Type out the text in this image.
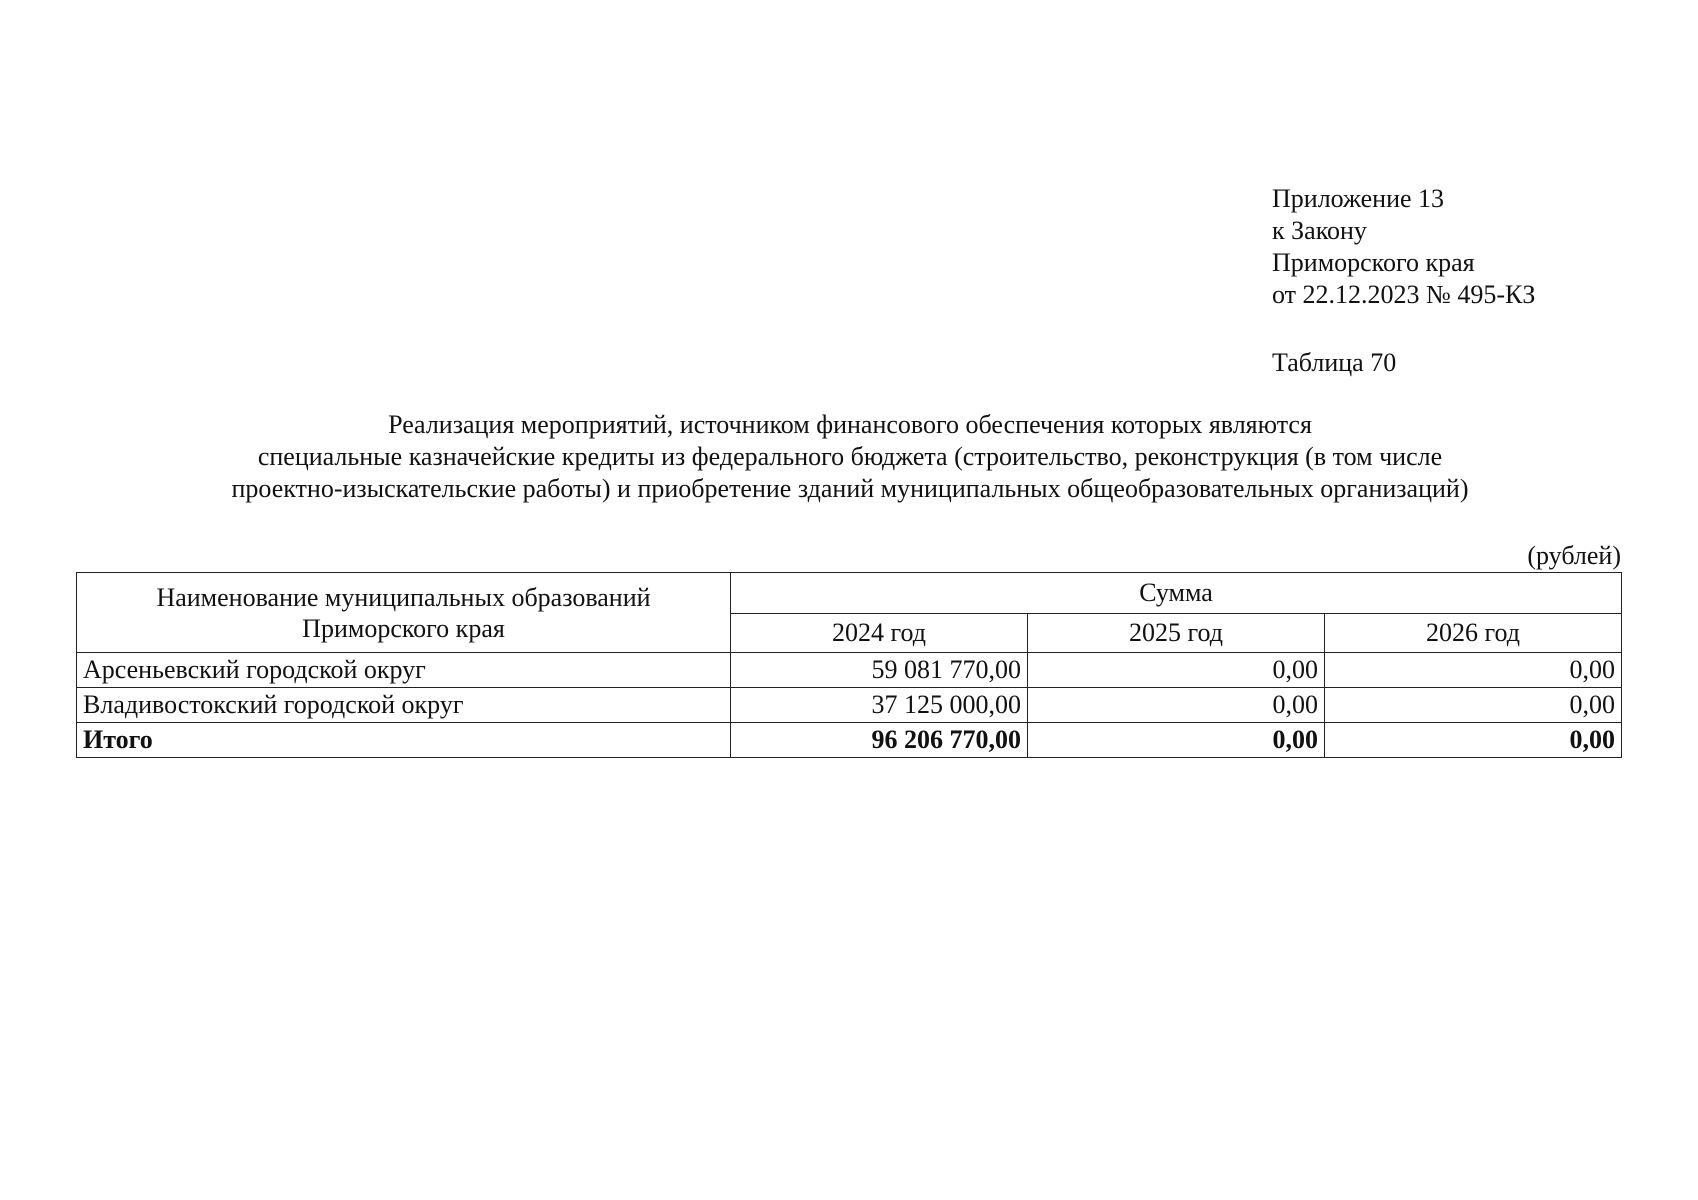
Приложение 13
к Закону
Приморского края
от 22.12.2023 № 495-КЗ
Таблица 70
Реализация мероприятий, источником финансового обеспечения которых являются
специальные казначейские кредиты из федерального бюджета (строительство, реконструкция (в том числе
проектно-изыскательские работы) и приобретение зданий муниципальных общеобразовательных организаций)
(рублей)
Наименование муниципальных образований
Приморского края	Сумма		
	2024 год	2025 год	2026 год
Арсеньевский городской округ	59 081 770,00	0,00	0,00
Владивостокский городской округ	37 125 000,00	0,00	0,00
Итого	96 206 770,00	0,00	0,00
